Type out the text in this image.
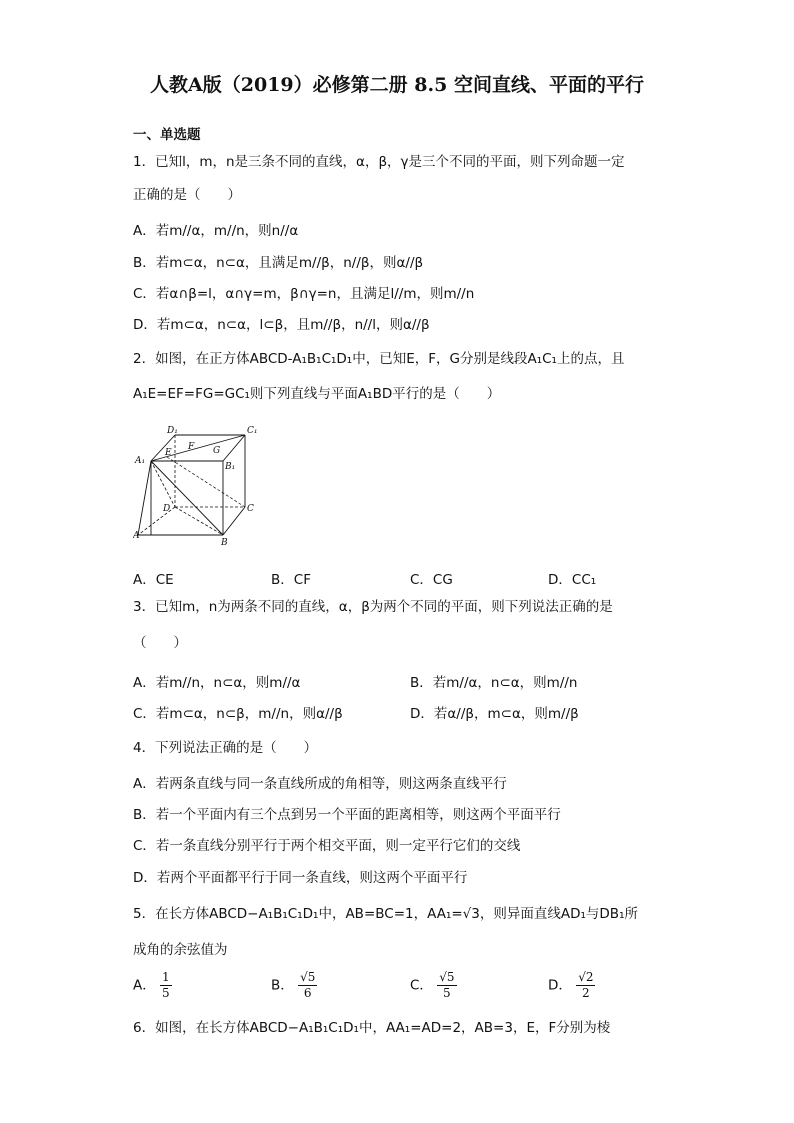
人教A版（2019）必修第二册 8.5 空间直线、平面的平行
一、单选题
1．已知l，m，n是三条不同的直线，α，β，γ是三个不同的平面，则下列命题一定
正确的是（　　）
A．若m//α，m//n，则n//α
B．若m⊂α，n⊂α，且满足m//β，n//β，则α//β
C．若α∩β=l，α∩γ=m，β∩γ=n，且满足l//m，则m//n
D．若m⊂α，n⊂α，l⊂β，且m//β，n//l，则α//β
2．如图，在正方体ABCD-A₁B₁C₁D₁中，已知E，F，G分别是线段A₁C₁上的点，且
A₁E=EF=FG=GC₁则下列直线与平面A₁BD平行的是（　　）
D₁	C₁
A₁
B₁
E
F G
D	C
A
B
A．CE	B．CF	C．CG	D．CC₁
3．已知m，n为两条不同的直线，α，β为两个不同的平面，则下列说法正确的是
（　　）
A．若m//n，n⊂α，则m//α	B．若m//α，n⊂α，则m//n
C．若m⊂α，n⊂β，m//n，则α//β	D．若α//β，m⊂α，则m//β
4．下列说法正确的是（　　）
A．若两条直线与同一条直线所成的角相等，则这两条直线平行
B．若一个平面内有三个点到另一个平面的距离相等，则这两个平面平行
C．若一条直线分别平行于两个相交平面，则一定平行它们的交线
D．若两个平面都平行于同一条直线，则这两个平面平行
5．在长方体ABCD−A₁B₁C₁D₁中，AB=BC=1，AA₁=√3，则异面直线AD₁与DB₁所
成角的余弦值为
A． $\frac{1}{5}$	B． $\frac{√5}{6}$	C． $\frac{√5}{5}$	D． $\frac{√2}{2}$
6．如图，在长方体ABCD−A₁B₁C₁D₁中，AA₁=AD=2，AB=3，E，F分别为棱
